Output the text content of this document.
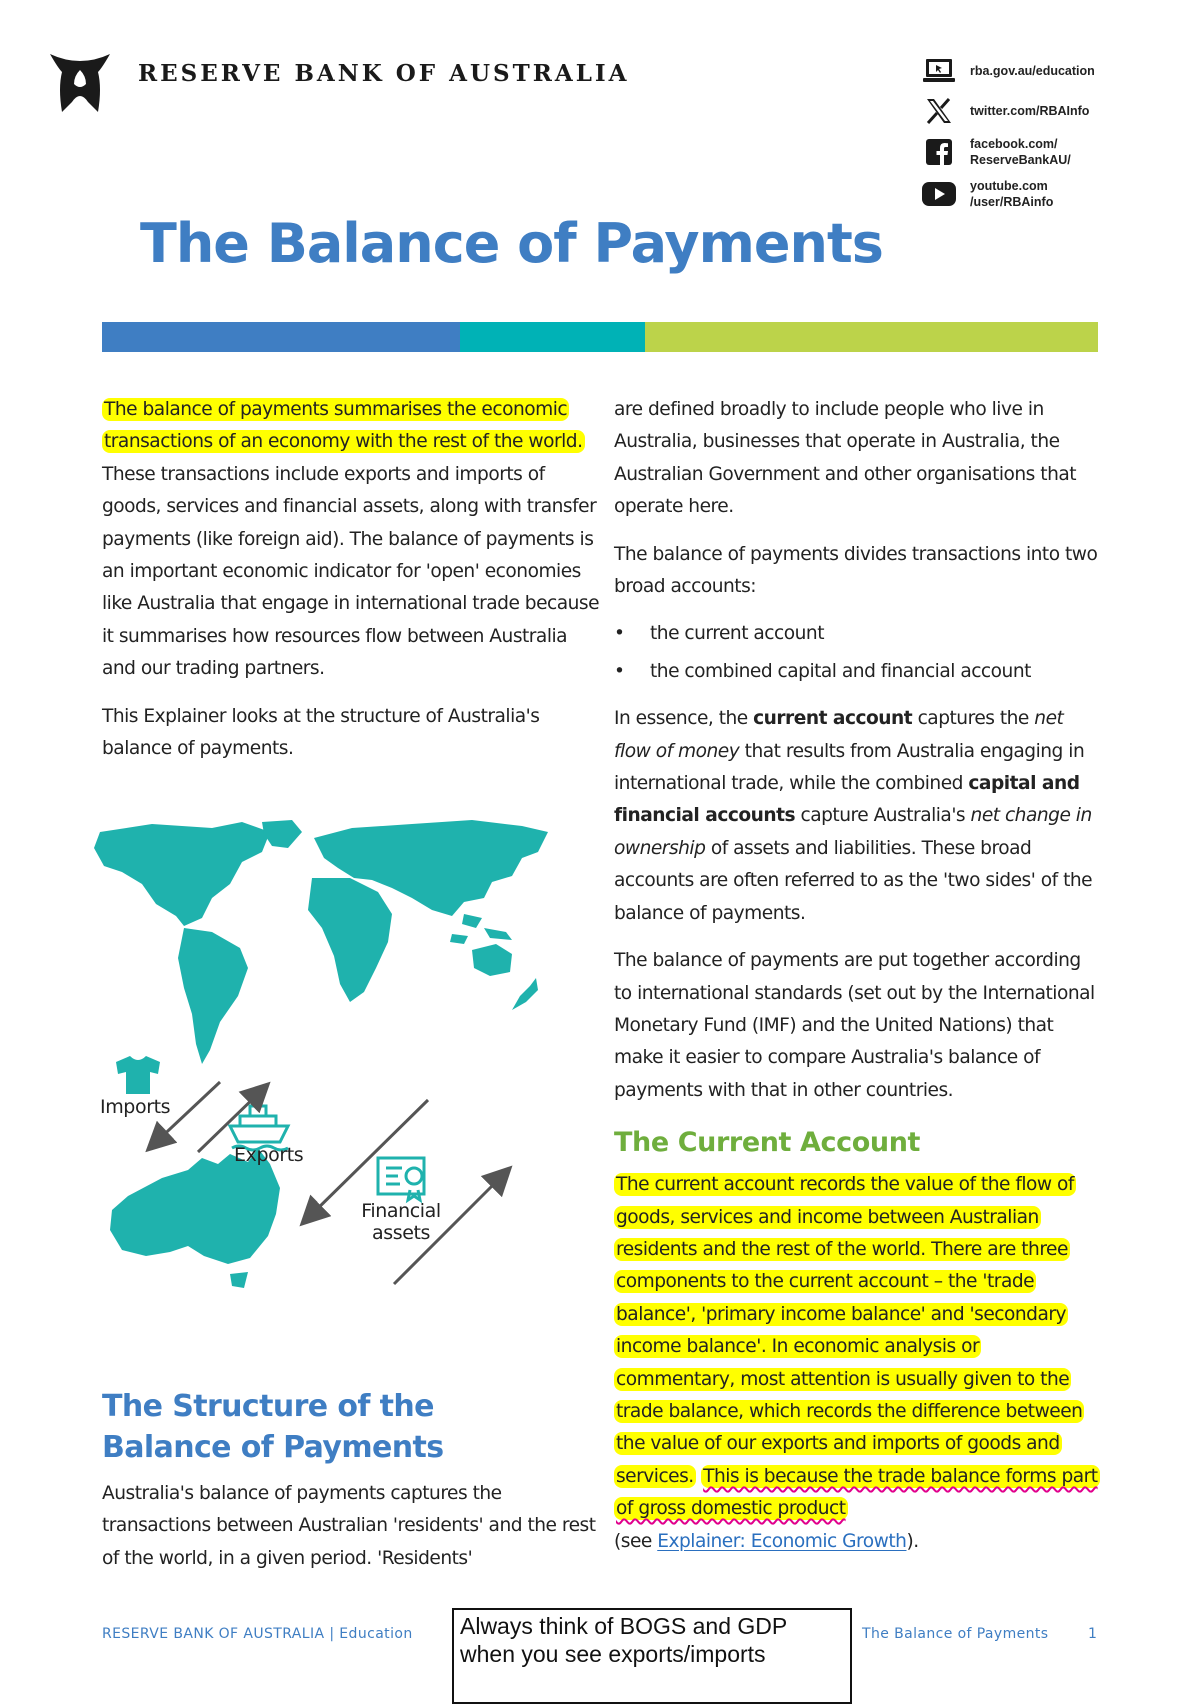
RESERVE BANK OF AUSTRALIA	rba.gov.au/education
twitter.com/RBAInfo
facebook.com/
ReserveBankAU/
youtube.com
/user/RBAinfo
The Balance of Payments

The balance of payments summarises the economic transactions of an economy with the rest of the world. These transactions include exports and imports of goods, services and financial assets, along with transfer payments (like foreign aid). The balance of payments is an important economic indicator for 'open' economies like Australia that engage in international trade because it summarises how resources flow between Australia and our trading partners.

This Explainer looks at the structure of Australia's balance of payments.

Imports
Exports
Financial
assets
The Structure of the Balance of Payments

Australia's balance of payments captures the transactions between Australian 'residents' and the rest of the world, in a given period. 'Residents'

are defined broadly to include people who live in Australia, businesses that operate in Australia, the Australian Government and other organisations that operate here.

The balance of payments divides transactions into two broad accounts:

•	the current account
•	the combined capital and financial account

In essence, the current account captures the net flow of money that results from Australia engaging in international trade, while the combined capital and financial accounts capture Australia's net change in ownership of assets and liabilities. These broad accounts are often referred to as the 'two sides' of the balance of payments.

The balance of payments are put together according to international standards (set out by the International Monetary Fund (IMF) and the United Nations) that make it easier to compare Australia's balance of payments with that in other countries.

The Current Account

The current account records the value of the flow of goods, services and income between Australian residents and the rest of the world. There are three components to the current account – the 'trade balance', 'primary income balance' and 'secondary income balance'. In economic analysis or commentary, most attention is usually given to the trade balance, which records the difference between the value of our exports and imports of goods and services. This is because the trade balance forms part of gross domestic product
(see Explainer: Economic Growth).

RESERVE BANK OF AUSTRALIA | Education	The Balance of Payments	1
Always think of BOGS and GDP
when you see exports/imports
